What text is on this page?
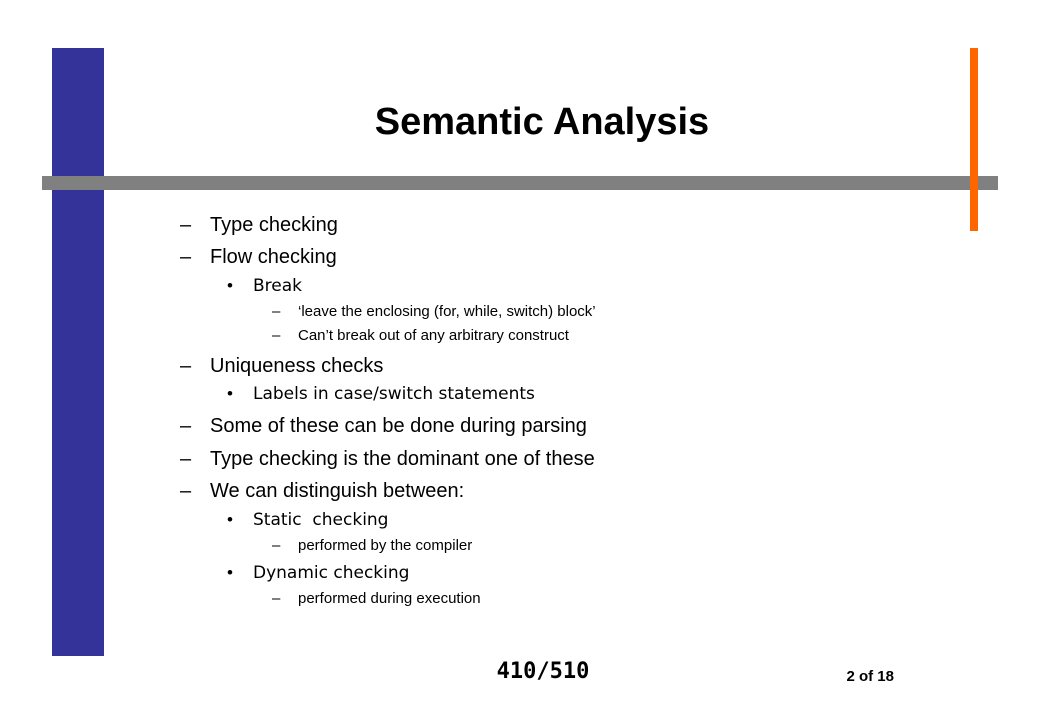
Semantic Analysis
– Type checking
– Flow checking
• Break
– ‘leave the enclosing (for, while, switch) block’
– Can’t break out of any arbitrary construct
– Uniqueness checks
• Labels in case/switch statements
– Some of these can be done during parsing
– Type checking is the dominant one of these
– We can distinguish between:
• Static  checking
– performed by the compiler
• Dynamic checking
– performed during execution
410/510	2 of 18
